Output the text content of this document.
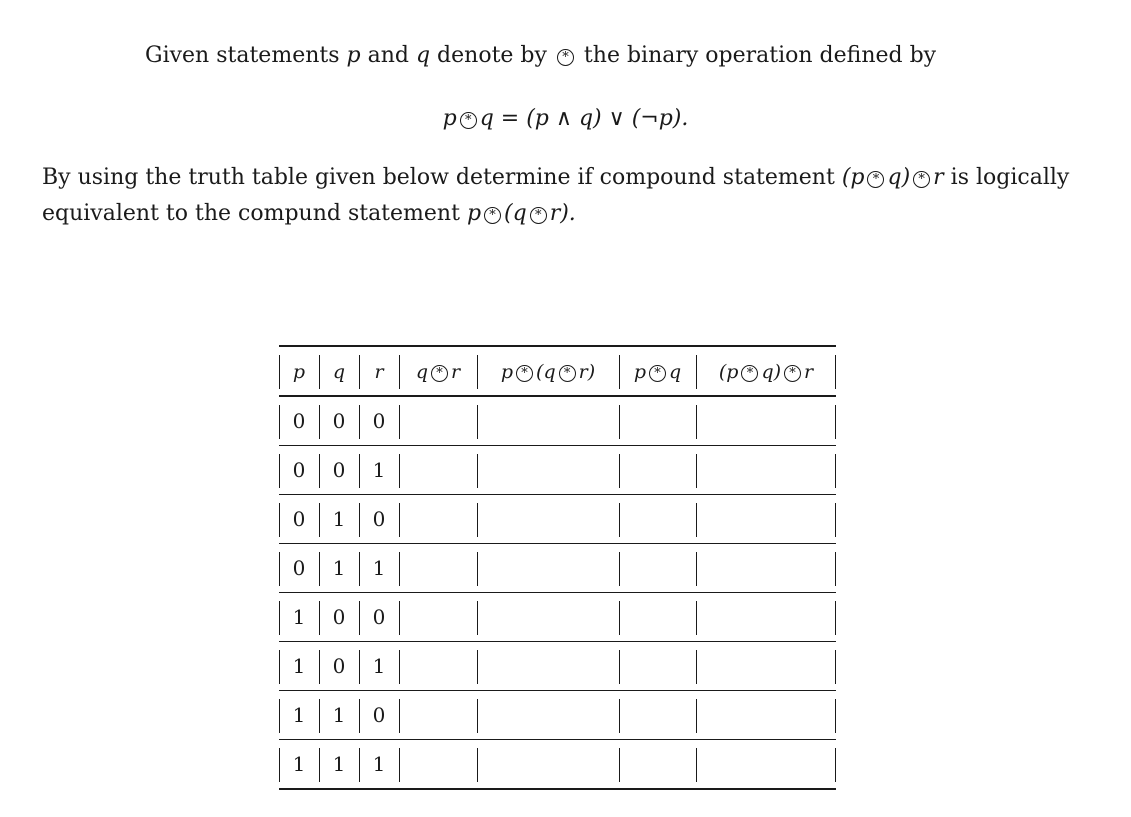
Given statements p and q denote by * the binary operation defined by
p * q = (p ∧ q) ∨ (¬p).
By using the truth table given below determine if compound statement (p * q) * r is logically equivalent to the compund statement p * (q * r).
p	q	r	q * r	p * (q * r)	p * q	(p * q) * r
0	0	0				
0	0	1				
0	1	0				
0	1	1				
1	0	0				
1	0	1				
1	1	0				
1	1	1				
